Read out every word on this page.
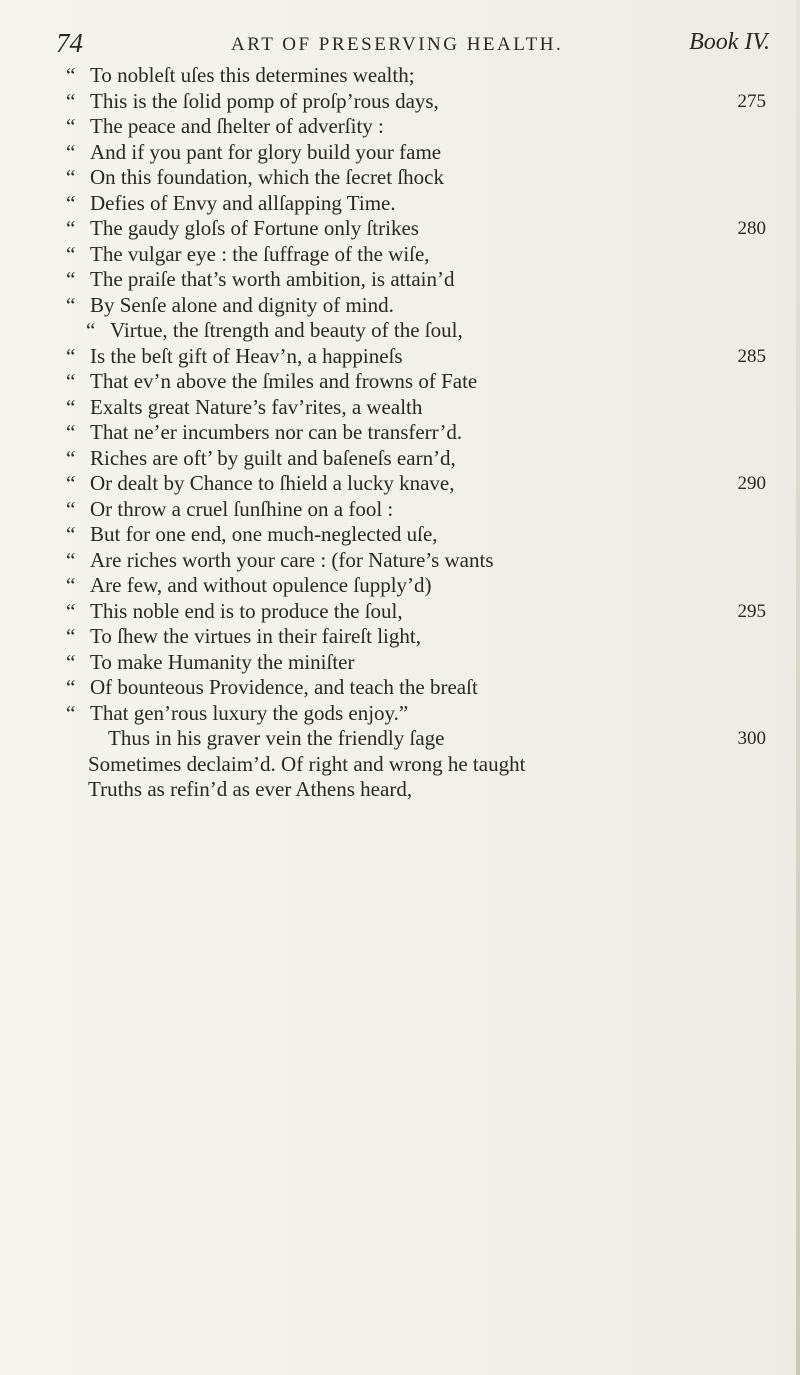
74	ART OF PRESERVING HEALTH.	Book IV.
“ To nobleſt uſes this determines wealth;
“ This is the ſolid pomp of proſp’rous days,	275
“ The peace and ſhelter of adverſity :
“ And if you pant for glory build your fame
“ On this foundation, which the ſecret ſhock
“ Defies of Envy and allſapping Time.
“ The gaudy gloſs of Fortune only ſtrikes	280
“ The vulgar eye : the ſuffrage of the wiſe,
“ The praiſe that’s worth ambition, is attain’d
“ By Senſe alone and dignity of mind.
“ Virtue, the ſtrength and beauty of the ſoul,
“ Is the beſt gift of Heav’n, a happineſs	285
“ That ev’n above the ſmiles and frowns of Fate
“ Exalts great Nature’s fav’rites, a wealth
“ That ne’er incumbers nor can be transferr’d.
“ Riches are oft’ by guilt and baſeneſs earn’d,
“ Or dealt by Chance to ſhield a lucky knave,	290
“ Or throw a cruel ſunſhine on a fool :
“ But for one end, one much-neglected uſe,
“ Are riches worth your care : (for Nature’s wants
“ Are few, and without opulence ſupply’d)
“ This noble end is to produce the ſoul,	295
“ To ſhew the virtues in their faireſt light,
“ To make Humanity the miniſter
“ Of bounteous Providence, and teach the breaſt
“ That gen’rous luxury the gods enjoy.”
Thus in his graver vein the friendly ſage	300
Sometimes declaim’d. Of right and wrong he taught
Truths as refin’d as ever Athens heard,
